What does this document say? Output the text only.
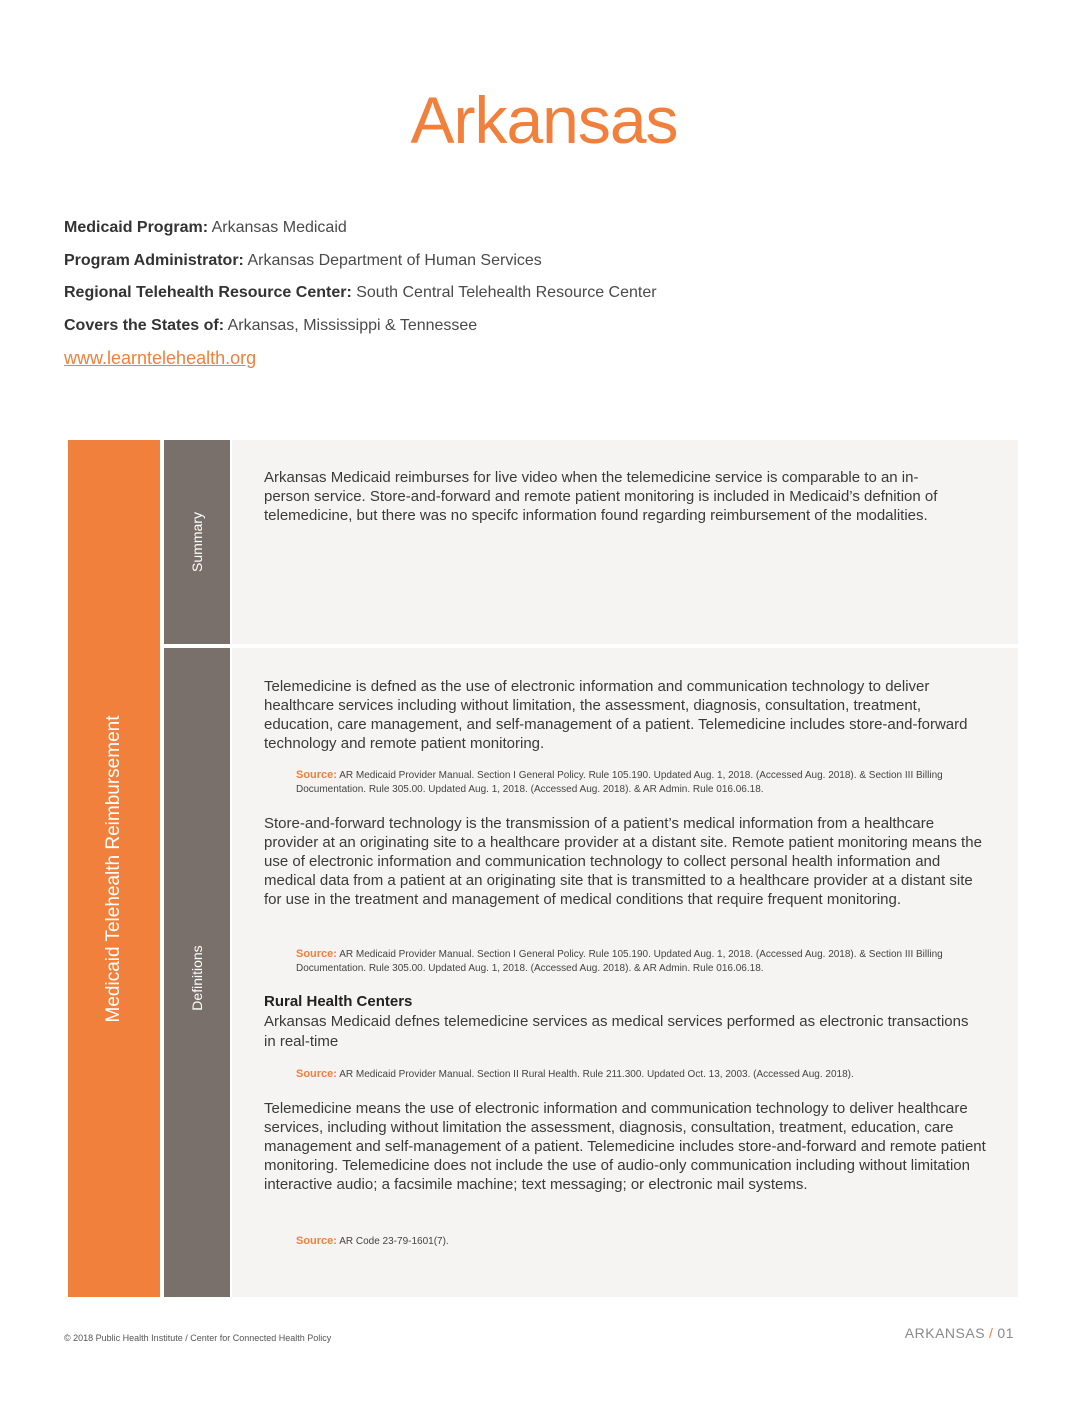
Arkansas
Medicaid Program: Arkansas Medicaid
Program Administrator: Arkansas Department of Human Services
Regional Telehealth Resource Center: South Central Telehealth Resource Center
Covers the States of: Arkansas, Mississippi & Tennessee
www.learntelehealth.org
Medicaid Telehealth Reimbursement
Summary
Definitions
Arkansas Medicaid reimburses for live video when the telemedicine service is comparable to an in-person service. Store-and-forward and remote patient monitoring is included in Medicaid’s defnition of telemedicine, but there was no specifc information found regarding reimbursement of the modalities.
Telemedicine is defned as the use of electronic information and communication technology to deliver healthcare services including without limitation, the assessment, diagnosis, consultation, treatment, education, care management, and self-management of a patient. Telemedicine includes store-and-forward technology and remote patient monitoring.
Source: AR Medicaid Provider Manual. Section I General Policy. Rule 105.190. Updated Aug. 1, 2018. (Accessed Aug. 2018). & Section III Billing Documentation. Rule 305.00. Updated Aug. 1, 2018. (Accessed Aug. 2018). & AR Admin. Rule 016.06.18.
Store-and-forward technology is the transmission of a patient’s medical information from a healthcare provider at an originating site to a healthcare provider at a distant site. Remote patient monitoring means the use of electronic information and communication technology to collect personal health information and medical data from a patient at an originating site that is transmitted to a healthcare provider at a distant site for use in the treatment and management of medical conditions that require frequent monitoring.
Source: AR Medicaid Provider Manual. Section I General Policy. Rule 105.190. Updated Aug. 1, 2018. (Accessed Aug. 2018). & Section III Billing Documentation. Rule 305.00. Updated Aug. 1, 2018. (Accessed Aug. 2018). & AR Admin. Rule 016.06.18.
Rural Health Centers
Arkansas Medicaid defnes telemedicine services as medical services performed as electronic transactions in real-time
Source: AR Medicaid Provider Manual. Section II Rural Health. Rule 211.300. Updated Oct. 13, 2003. (Accessed Aug. 2018).
Telemedicine means the use of electronic information and communication technology to deliver healthcare services, including without limitation the assessment, diagnosis, consultation, treatment, education, care management and self-management of a patient. Telemedicine includes store-and-forward and remote patient monitoring. Telemedicine does not include the use of audio-only communication including without limitation interactive audio; a facsimile machine; text messaging; or electronic mail systems.
Source: AR Code 23-79-1601(7).
© 2018 Public Health Institute / Center for Connected Health Policy	ARKANSAS / 01
